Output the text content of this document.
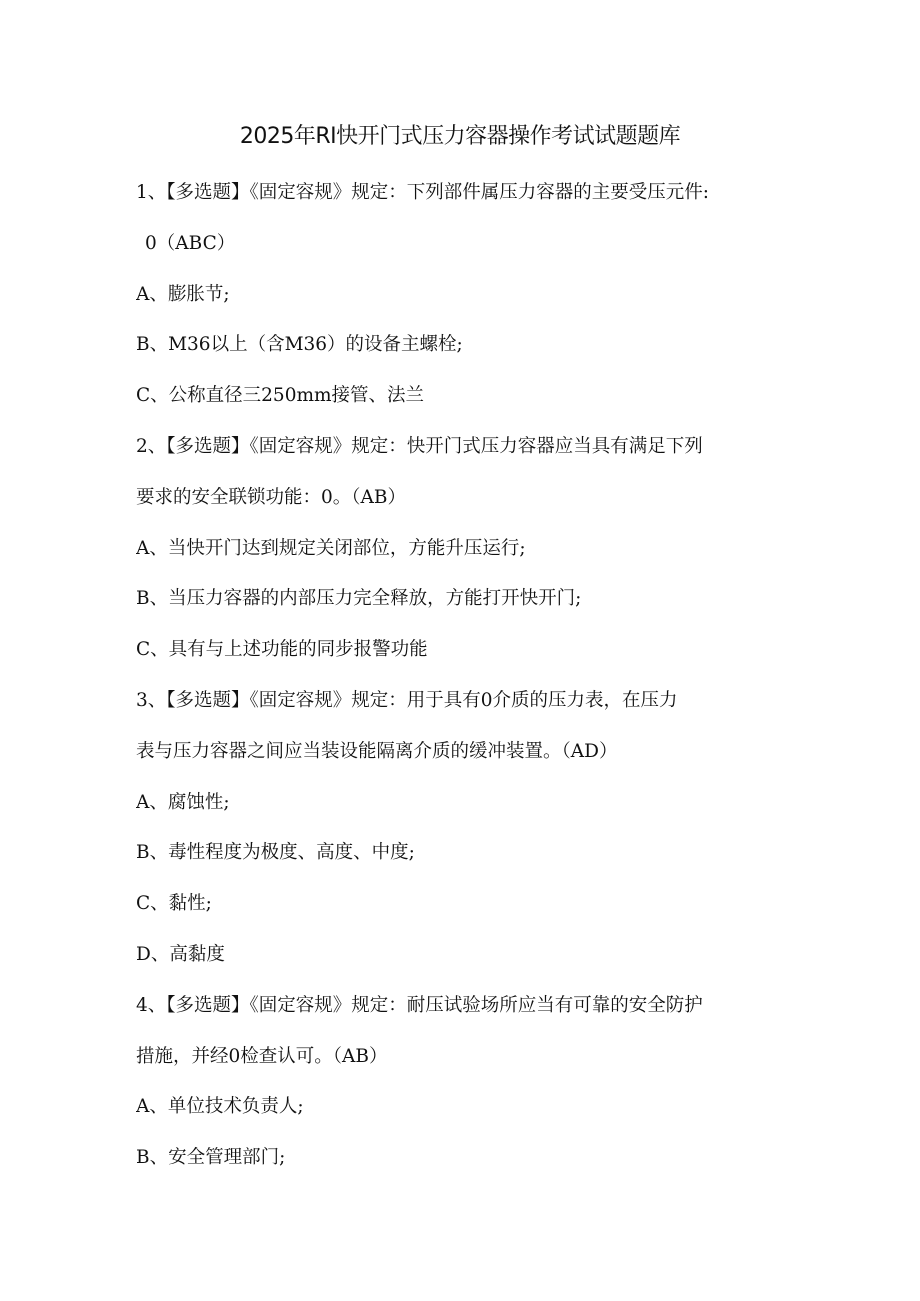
2025年RI快开门式压力容器操作考试试题题库
1、【多选题】《固定容规》规定：下列部件属压力容器的主要受压元件:
0（ABC）
A、膨胀节;
B、M36以上（含M36）的设备主螺栓;
C、公称直径三250mm接管、法兰
2、【多选题】《固定容规》规定：快开门式压力容器应当具有满足下列
要求的安全联锁功能：0。（AB）
A、当快开门达到规定关闭部位，方能升压运行;
B、当压力容器的内部压力完全释放，方能打开快开门;
C、具有与上述功能的同步报警功能
3、【多选题】《固定容规》规定：用于具有0介质的压力表，在压力
表与压力容器之间应当装设能隔离介质的缓冲装置。（AD）
A、腐蚀性;
B、毒性程度为极度、高度、中度;
C、黏性;
D、高黏度
4、【多选题】《固定容规》规定：耐压试验场所应当有可靠的安全防护
措施，并经0检查认可。（AB）
A、单位技术负责人;
B、安全管理部门;
